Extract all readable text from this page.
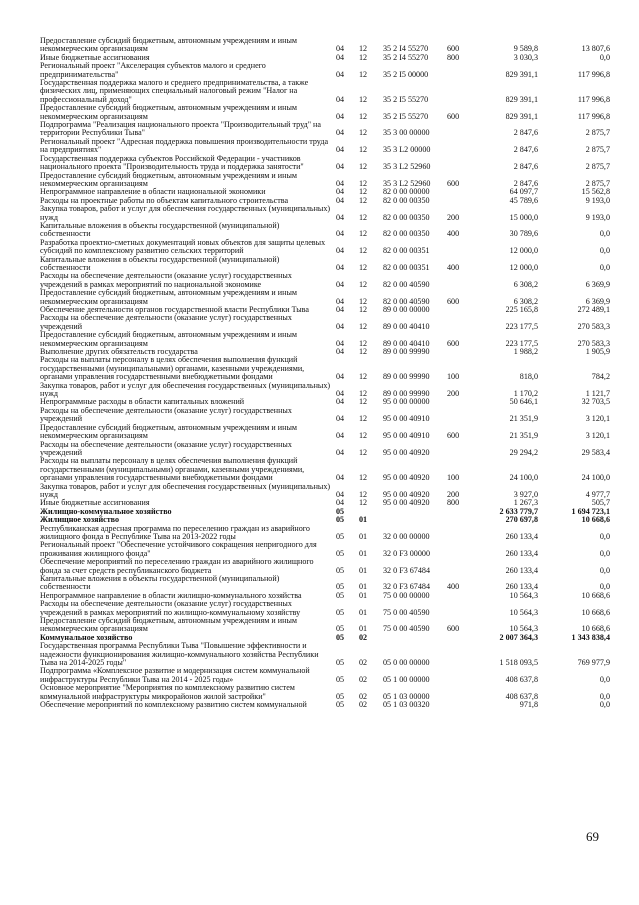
Предоставление субсидий бюджетным, автономным учреждениям и иным некоммерческим организациям	04	12	35 2 I4 55270	600	9 589,8	13 807,6
Иные бюджетные ассигнования	04	12	35 2 I4 55270	800	3 030,3	0,0
Региональный проект "Акселерация субъектов малого и среднего предпринимательства"	04	12	35 2 I5 00000		829 391,1	117 996,8
Государственная поддержка малого и среднего предпринимательства, а также физических лиц, применяющих специальный налоговый режим "Налог на профессиональный доход"	04	12	35 2 I5 55270		829 391,1	117 996,8
Предоставление субсидий бюджетным, автономным учреждениям и иным некоммерческим организациям	04	12	35 2 I5 55270	600	829 391,1	117 996,8
Подпрограмма "Реализация национального проекта "Производительный труд" на территории Республики Тыва"	04	12	35 3 00 00000		2 847,6	2 875,7
Региональный проект "Адресная поддержка повышения производительности труда на предприятиях"	04	12	35 3 L2 00000		2 847,6	2 875,7
Государственная поддержка субъектов Российской Федерации - участников национального проекта "Производительность труда и поддержка занятости"	04	12	35 3 L2 52960		2 847,6	2 875,7
Предоставление субсидий бюджетным, автономным учреждениям и иным некоммерческим организациям	04	12	35 3 L2 52960	600	2 847,6	2 875,7
Непрограммное направление в области национальной экономики	04	12	82 0 00 00000		64 097,7	15 562,8
Расходы на проектные работы по объектам капитального строительства	04	12	82 0 00 00350		45 789,6	9 193,0
Закупка товаров, работ и услуг для обеспечения государственных (муниципальных) нужд	04	12	82 0 00 00350	200	15 000,0	9 193,0
Капитальные вложения в объекты государственной (муниципальной) собственности	04	12	82 0 00 00350	400	30 789,6	0,0
Разработка проектно-сметных документаций новых объектов для защиты целевых субсидий по комплексному развитию сельских территорий	04	12	82 0 00 00351		12 000,0	0,0
Капитальные вложения в объекты государственной (муниципальной) собственности	04	12	82 0 00 00351	400	12 000,0	0,0
Расходы на обеспечение деятельности (оказание услуг) государственных учреждений в рамках мероприятий по национальной экономике	04	12	82 0 00 40590		6 308,2	6 369,9
Предоставление субсидий бюджетным, автономным учреждениям и иным некоммерческим организациям	04	12	82 0 00 40590	600	6 308,2	6 369,9
Обеспечение деятельности органов государственной власти Республики Тыва	04	12	89 0 00 00000		225 165,8	272 489,1
Расходы на обеспечение деятельности (оказание услуг) государственных учреждений	04	12	89 0 00 40410		223 177,5	270 583,3
Предоставление субсидий бюджетным, автономным учреждениям и иным некоммерческим организациям	04	12	89 0 00 40410	600	223 177,5	270 583,3
Выполнение других обязательств государства	04	12	89 0 00 99990		1 988,2	1 905,9
Расходы на выплаты персоналу в целях обеспечения выполнения функций государственными (муниципальными) органами, казенными учреждениями, органами управления государственными внебюджетными фондами	04	12	89 0 00 99990	100	818,0	784,2
Закупка товаров, работ и услуг для обеспечения государственных (муниципальных) нужд	04	12	89 0 00 99990	200	1 170,2	1 121,7
Непрограммные расходы в области капитальных вложений	04	12	95 0 00 00000		50 646,1	32 703,5
Расходы на обеспечение деятельности (оказание услуг) государственных учреждений	04	12	95 0 00 40910		21 351,9	3 120,1
Предоставление субсидий бюджетным, автономным учреждениям и иным некоммерческим организациям	04	12	95 0 00 40910	600	21 351,9	3 120,1
Расходы на обеспечение деятельности (оказание услуг) государственных учреждений	04	12	95 0 00 40920		29 294,2	29 583,4
Расходы на выплаты персоналу в целях обеспечения выполнения функций государственными (муниципальными) органами, казенными учреждениями, органами управления государственными внебюджетными фондами	04	12	95 0 00 40920	100	24 100,0	24 100,0
Закупка товаров, работ и услуг для обеспечения государственных (муниципальных) нужд	04	12	95 0 00 40920	200	3 927,0	4 977,7
Иные бюджетные ассигнования	04	12	95 0 00 40920	800	1 267,3	505,7
Жилищно-коммунальное хозяйство	05				2 633 779,7	1 694 723,1
Жилищное хозяйство	05	01			270 697,8	10 668,6
Республиканская адресная программа по переселению граждан из аварийного жилищного фонда в Республике Тыва на 2013-2022 годы	05	01	32 0 00 00000		260 133,4	0,0
Региональный проект "Обеспечение устойчивого сокращения непригодного для проживания жилищного фонда"	05	01	32 0 F3 00000		260 133,4	0,0
Обеспечение мероприятий по переселению граждан из аварийного жилищного фонда за счет средств республиканского бюджета	05	01	32 0 F3 67484		260 133,4	0,0
Капитальные вложения в объекты государственной (муниципальной) собственности	05	01	32 0 F3 67484	400	260 133,4	0,0
Непрограммное направление в области жилищно-коммунального хозяйства	05	01	75 0 00 00000		10 564,3	10 668,6
Расходы на обеспечение деятельности (оказание услуг) государственных учреждений в рамках мероприятий по жилищно-коммунальному хозяйству	05	01	75 0 00 40590		10 564,3	10 668,6
Предоставление субсидий бюджетным, автономным учреждениям и иным некоммерческим организациям	05	01	75 0 00 40590	600	10 564,3	10 668,6
Коммунальное хозяйство	05	02			2 007 364,3	1 343 838,4
Государственная программа Республики Тыва "Повышение эффективности и надежности функционирования жилищно-коммунального хозяйства Республики Тыва на 2014-2025 годы"	05	02	05 0 00 00000		1 518 093,5	769 977,9
Подпрограмма «Комплексное развитие и модернизация систем коммунальной инфраструктуры Республики Тыва на 2014 - 2025 годы»	05	02	05 1 00 00000		408 637,8	0,0
Основное мероприятие "Мероприятия по комплексному развитию систем коммунальной инфраструктуры микрорайонов жилой застройки"	05	02	05 1 03 00000		408 637,8	0,0
Обеспечение мероприятий по комплексному развитию систем коммунальной	05	02	05 1 03 00320		971,8	0,0
69
